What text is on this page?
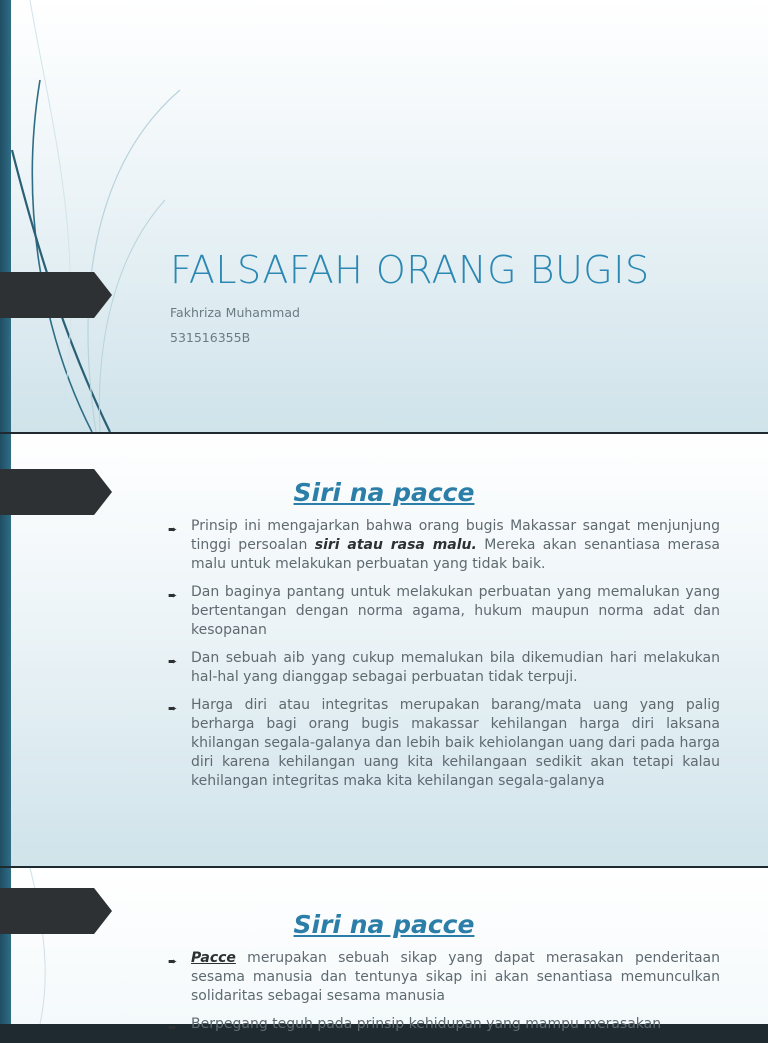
FALSAFAH ORANG BUGIS
Fakhriza Muhammad
531516355B
Siri na pacce
➨ Prinsip ini mengajarkan bahwa orang bugis Makassar sangat menjunjung tinggi persoalan siri atau rasa malu. Mereka akan senantiasa merasa malu untuk melakukan perbuatan yang tidak baik.
➨ Dan baginya pantang untuk melakukan perbuatan yang memalukan yang bertentangan dengan norma agama, hukum maupun norma adat dan kesopanan
➨ Dan sebuah aib yang cukup memalukan bila dikemudian hari melakukan hal-hal yang dianggap sebagai perbuatan tidak terpuji.
➨ Harga diri atau integritas merupakan barang/mata uang yang palig berharga bagi orang bugis makassar kehilangan harga diri laksana khilangan segala-galanya dan lebih baik kehiolangan uang dari pada harga diri karena kehilangan uang kita kehilangaan sedikit akan tetapi kalau kehilangan integritas maka kita kehilangan segala-galanya
Siri na pacce
➨ Pacce merupakan sebuah sikap yang dapat merasakan penderitaan sesama manusia dan tentunya sikap ini akan senantiasa memunculkan solidaritas sebagai sesama manusia
➨ Berpegang teguh pada prinsip kehidupan yang mampu merasakan
